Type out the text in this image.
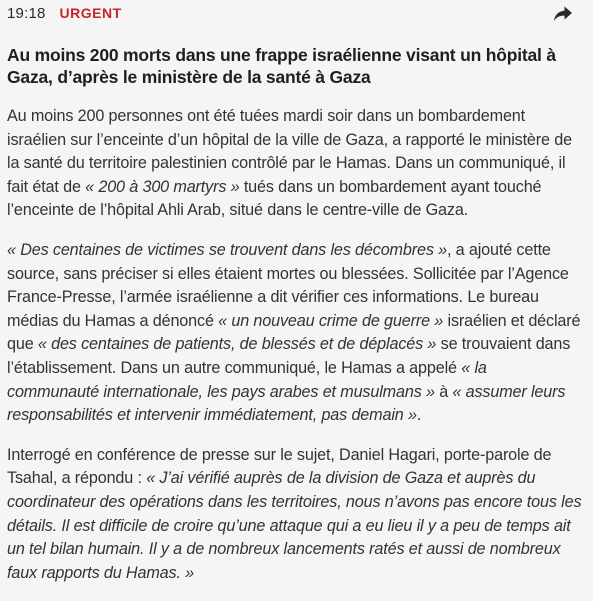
19:18 URGENT
Au moins 200 morts dans une frappe israélienne visant un hôpital à Gaza, d’après le ministère de la santé à Gaza

Au moins 200 personnes ont été tuées mardi soir dans un bombardement israélien sur l’enceinte d’un hôpital de la ville de Gaza, a rapporté le ministère de la santé du territoire palestinien contrôlé par le Hamas. Dans un communiqué, il fait état de « 200 à 300 martyrs » tués dans un bombardement ayant touché l’enceinte de l’hôpital Ahli Arab, situé dans le centre-ville de Gaza.

« Des centaines de victimes se trouvent dans les décombres », a ajouté cette source, sans préciser si elles étaient mortes ou blessées. Sollicitée par l’Agence France-Presse, l’armée israélienne a dit vérifier ces informations. Le bureau médias du Hamas a dénoncé « un nouveau crime de guerre » israélien et déclaré que « des centaines de patients, de blessés et de déplacés » se trouvaient dans l’établissement. Dans un autre communiqué, le Hamas a appelé « la communauté internationale, les pays arabes et musulmans » à « assumer leurs responsabilités et intervenir immédiatement, pas demain ».

Interrogé en conférence de presse sur le sujet, Daniel Hagari, porte-parole de Tsahal, a répondu : « J’ai vérifié auprès de la division de Gaza et auprès du coordinateur des opérations dans les territoires, nous n’avons pas encore tous les détails. Il est difficile de croire qu’une attaque qui a eu lieu il y a peu de temps ait un tel bilan humain. Il y a de nombreux lancements ratés et aussi de nombreux faux rapports du Hamas. »
